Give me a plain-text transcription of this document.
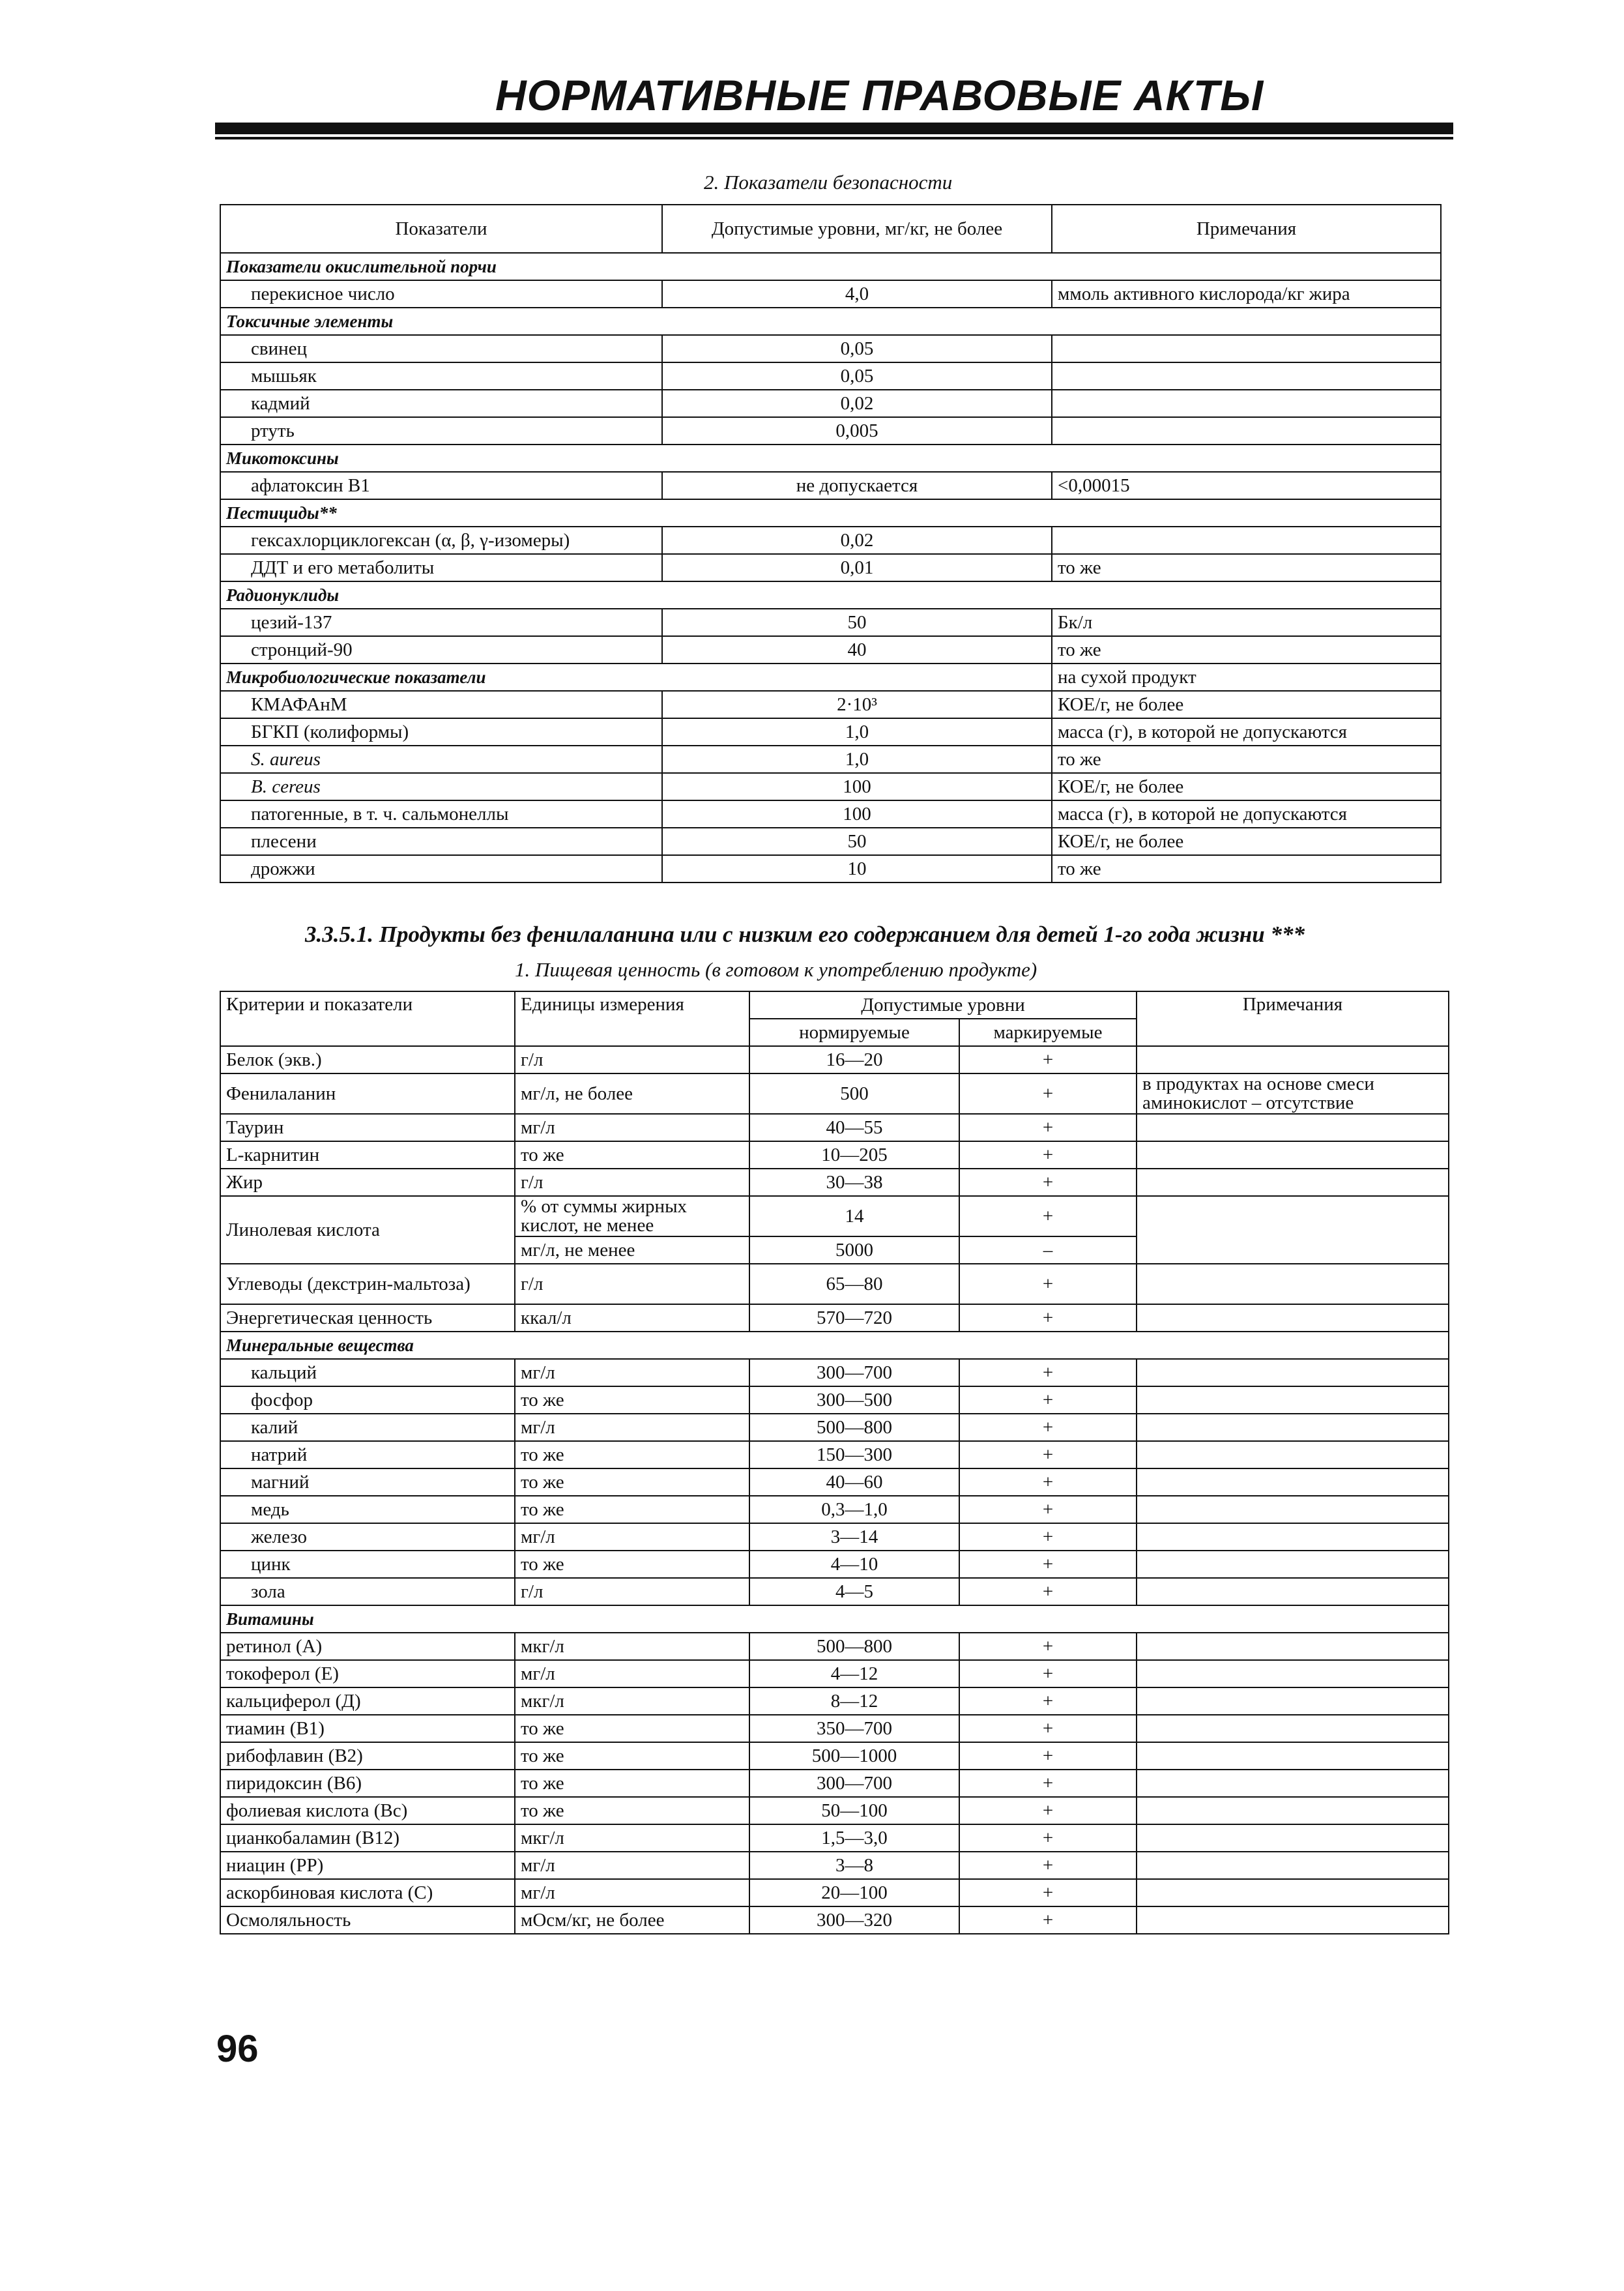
НОРМАТИВНЫЕ ПРАВОВЫЕ АКТЫ
2. Показатели безопасности
Показатели	Допустимые уровни, мг/кг, не более	Примечания
Показатели окислительной порчи		
перекисное число	4,0	ммоль активного кислорода/кг жира
Токсичные элементы		
свинец	0,05	
мышьяк	0,05	
кадмий	0,02	
ртуть	0,005	
Микотоксины		
афлатоксин B1	не допускается	<0,00015
Пестициды**		
гексахлорциклогексан (α, β, γ-изомеры)	0,02	
ДДТ и его метаболиты	0,01	то же
Радионуклиды		
цезий-137	50	Бк/л
стронций-90	40	то же
Микробиологические показатели		на сухой продукт
КМАФАнМ	2·10³	КОЕ/г, не более
БГКП (колиформы)	1,0	масса (г), в которой не допускаются
S. aureus	1,0	то же
B. cereus	100	КОЕ/г, не более
патогенные, в т. ч. сальмонеллы	100	масса (г), в которой не допускаются
плесени	50	КОЕ/г, не более
дрожжи	10	то же
3.3.5.1. Продукты без фенилаланина или с низким его содержанием для детей 1-го года жизни ***
1. Пищевая ценность (в готовом к употреблению продукте)
Критерии и показатели	Единицы измерения	Допустимые уровни		Примечания
		нормируемые	маркируемые	
Белок (экв.)	г/л	16—20	+	
Фенилаланин	мг/л, не более	500	+	в продуктах на основе смеси аминокислот – отсутствие
Таурин	мг/л	40—55	+	
L-карнитин	то же	10—205	+	
Жир	г/л	30—38	+	
Линолевая кислота	% от суммы жирных кислот, не менее	14	+	
	мг/л, не менее	5000	–	
Углеводы (декстрин-мальтоза)	г/л	65—80	+	
Энергетическая ценность	ккал/л	570—720	+	
Минеральные вещества				
кальций	мг/л	300—700	+	
фосфор	то же	300—500	+	
калий	мг/л	500—800	+	
натрий	то же	150—300	+	
магний	то же	40—60	+	
медь	то же	0,3—1,0	+	
железо	мг/л	3—14	+	
цинк	то же	4—10	+	
зола	г/л	4—5	+	
Витамины				
ретинол (А)	мкг/л	500—800	+	
токоферол (Е)	мг/л	4—12	+	
кальциферол (Д)	мкг/л	8—12	+	
тиамин (B1)	то же	350—700	+	
рибофлавин (B2)	то же	500—1000	+	
пиридоксин (B6)	то же	300—700	+	
фолиевая кислота (Вс)	то же	50—100	+	
цианкобаламин (B12)	мкг/л	1,5—3,0	+	
ниацин (РР)	мг/л	3—8	+	
аскорбиновая кислота (С)	мг/л	20—100	+	
Осмоляльность	мОсм/кг, не более	300—320	+	
96
